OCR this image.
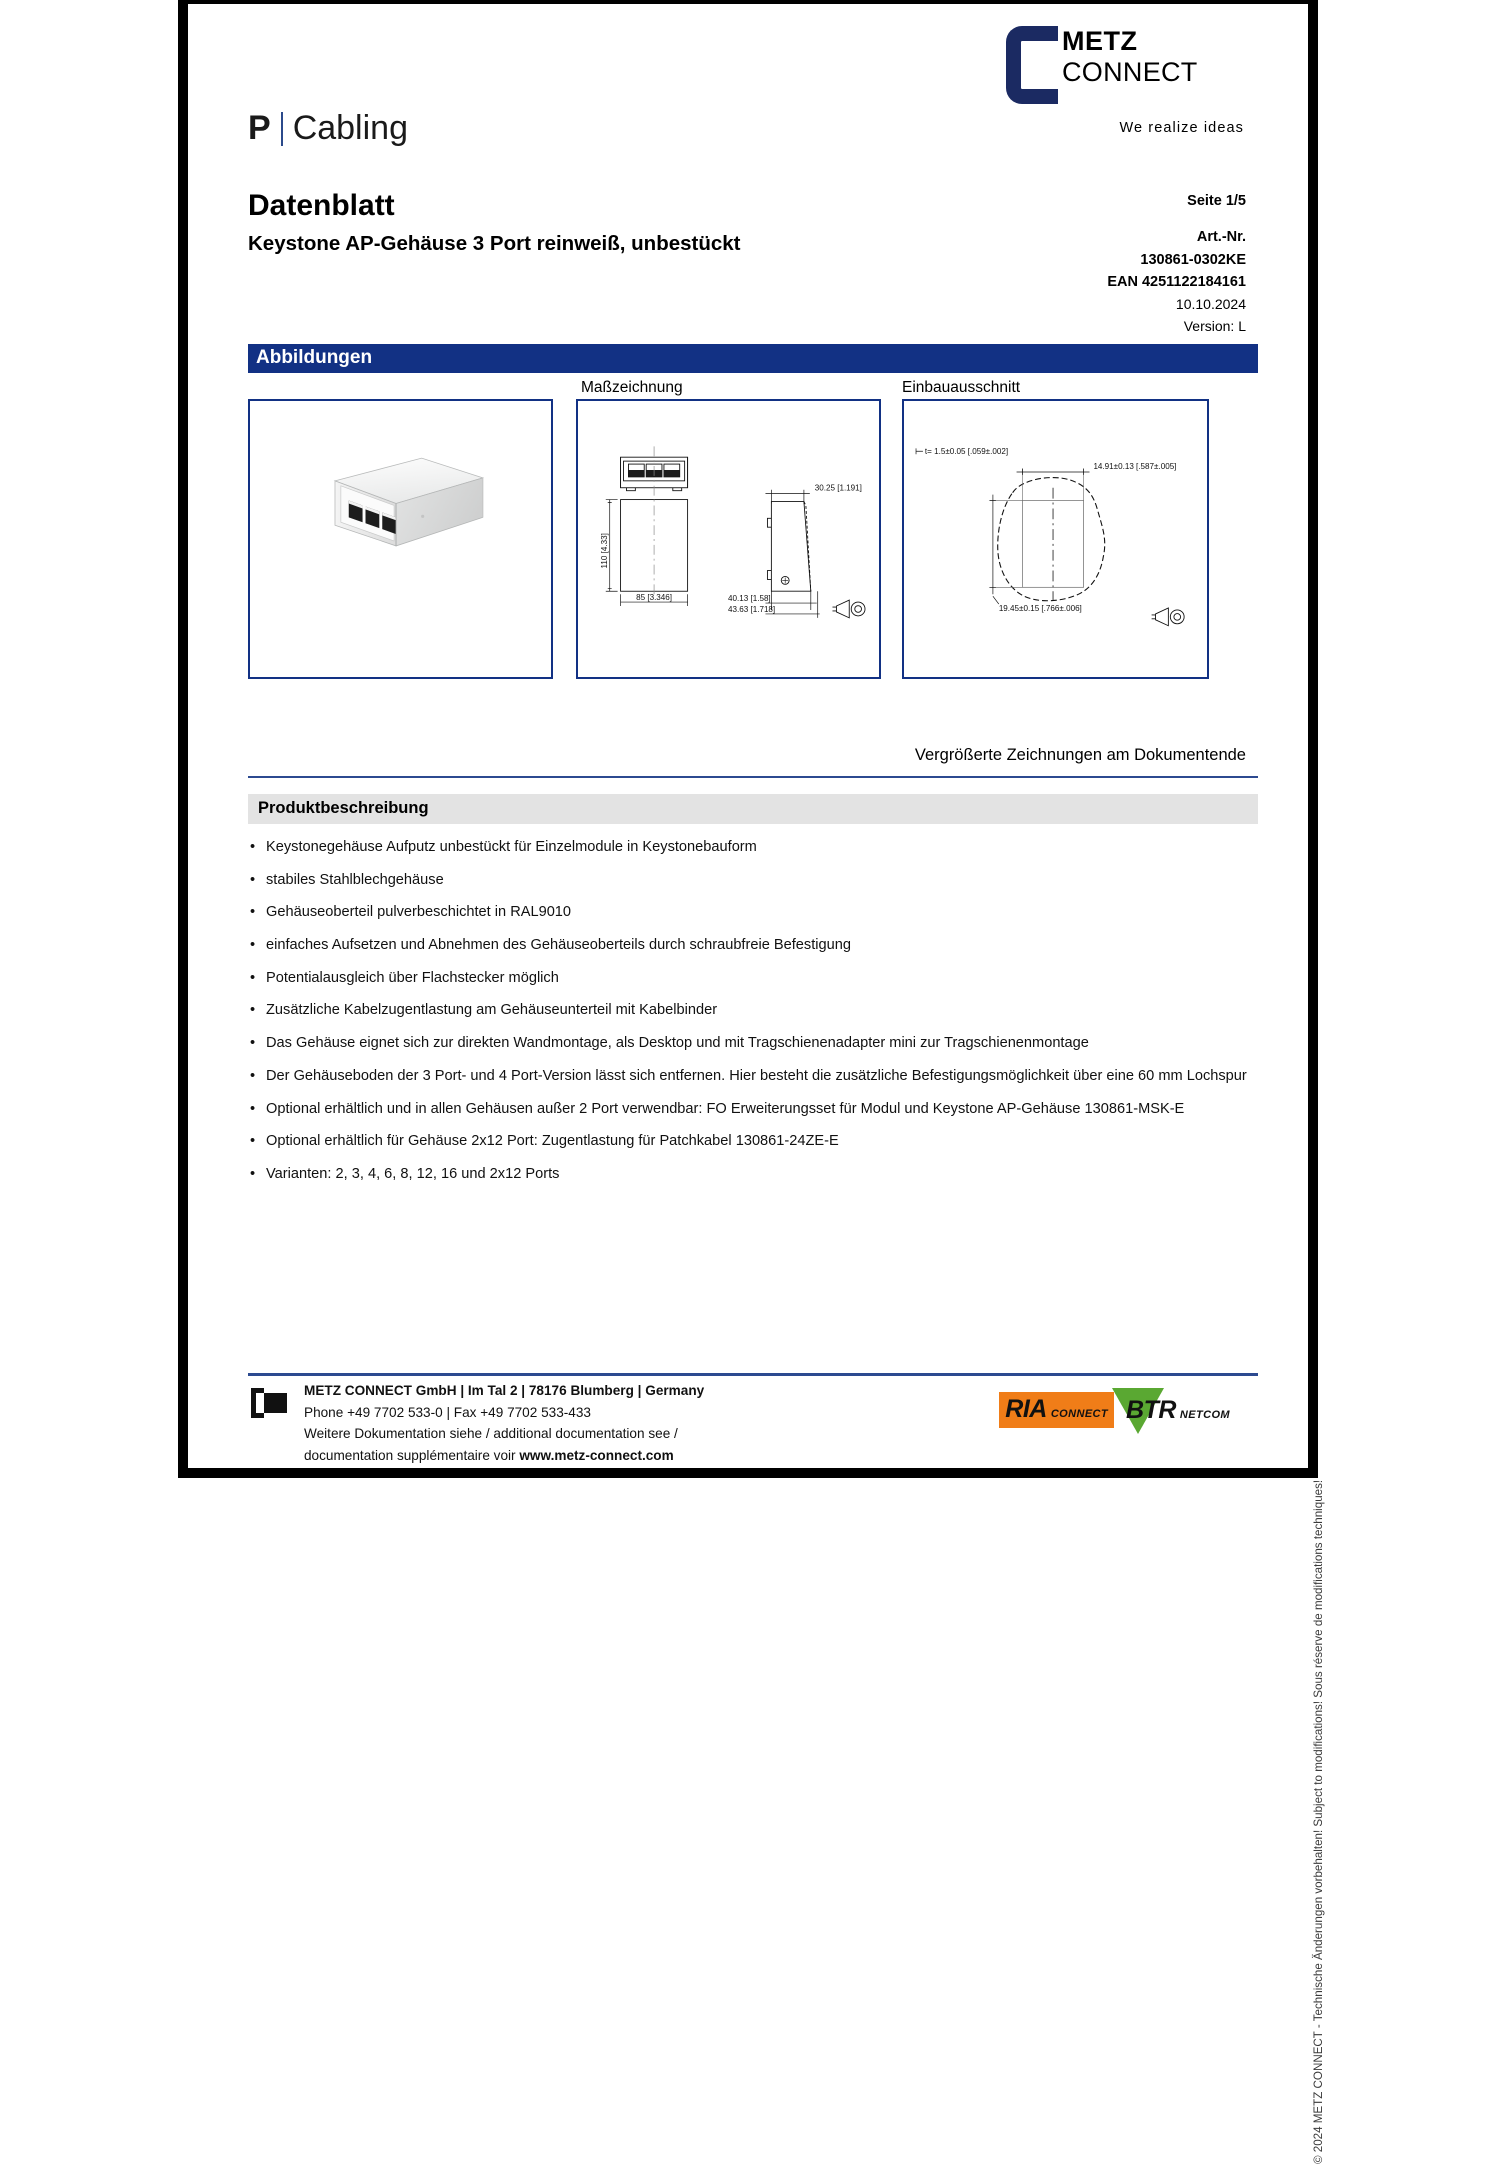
METZ
CONNECT
We realize ideas
P Cabling
Datenblatt
Keystone AP-Gehäuse 3 Port reinweiß, unbestückt
Seite 1/5
Art.-Nr.
130861-0302KE
EAN 4251122184161
10.10.2024
Version: L
Abbildungen
Maßzeichnung	Einbauausschnitt
110 [4.33]
85 [3.346]
30.25 [1.191]
40.13 [1.58]
43.63 [1.718]
t= 1.5±0.05 [.059±.002]
14.91±0.13 [.587±.005]
19.45±0.15 [.766±.006]
Vergrößerte Zeichnungen am Dokumentende
Produktbeschreibung
• Keystonegehäuse Aufputz unbestückt für Einzelmodule in Keystonebauform
• stabiles Stahlblechgehäuse
• Gehäuseoberteil pulverbeschichtet in RAL9010
• einfaches Aufsetzen und Abnehmen des Gehäuseoberteils durch schraubfreie Befestigung
• Potentialausgleich über Flachstecker möglich
• Zusätzliche Kabelzugentlastung am Gehäuseunterteil mit Kabelbinder
• Das Gehäuse eignet sich zur direkten Wandmontage, als Desktop und mit Tragschienenadapter mini zur Tragschienenmontage
• Der Gehäuseboden der 3 Port- und 4 Port-Version lässt sich entfernen. Hier besteht die zusätzliche Befestigungsmöglichkeit über eine 60 mm Lochspur
• Optional erhältlich und in allen Gehäusen außer 2 Port verwendbar: FO Erweiterungsset für Modul und Keystone AP-Gehäuse 130861-MSK-E
• Optional erhältlich für Gehäuse 2x12 Port: Zugentlastung für Patchkabel 130861-24ZE-E
• Varianten: 2, 3, 4, 6, 8, 12, 16 und 2x12 Ports
© 2024 METZ CONNECT - Technische Änderungen vorbehalten! Subject to modifications! Sous réserve de modifications techniques!
METZ CONNECT GmbH | Im Tal 2 | 78176 Blumberg | Germany
Phone +49 7702 533-0 | Fax +49 7702 533-433
Weitere Dokumentation siehe / additional documentation see /
documentation supplémentaire voir www.metz-connect.com
RIA CONNECT BTR NETCOM
